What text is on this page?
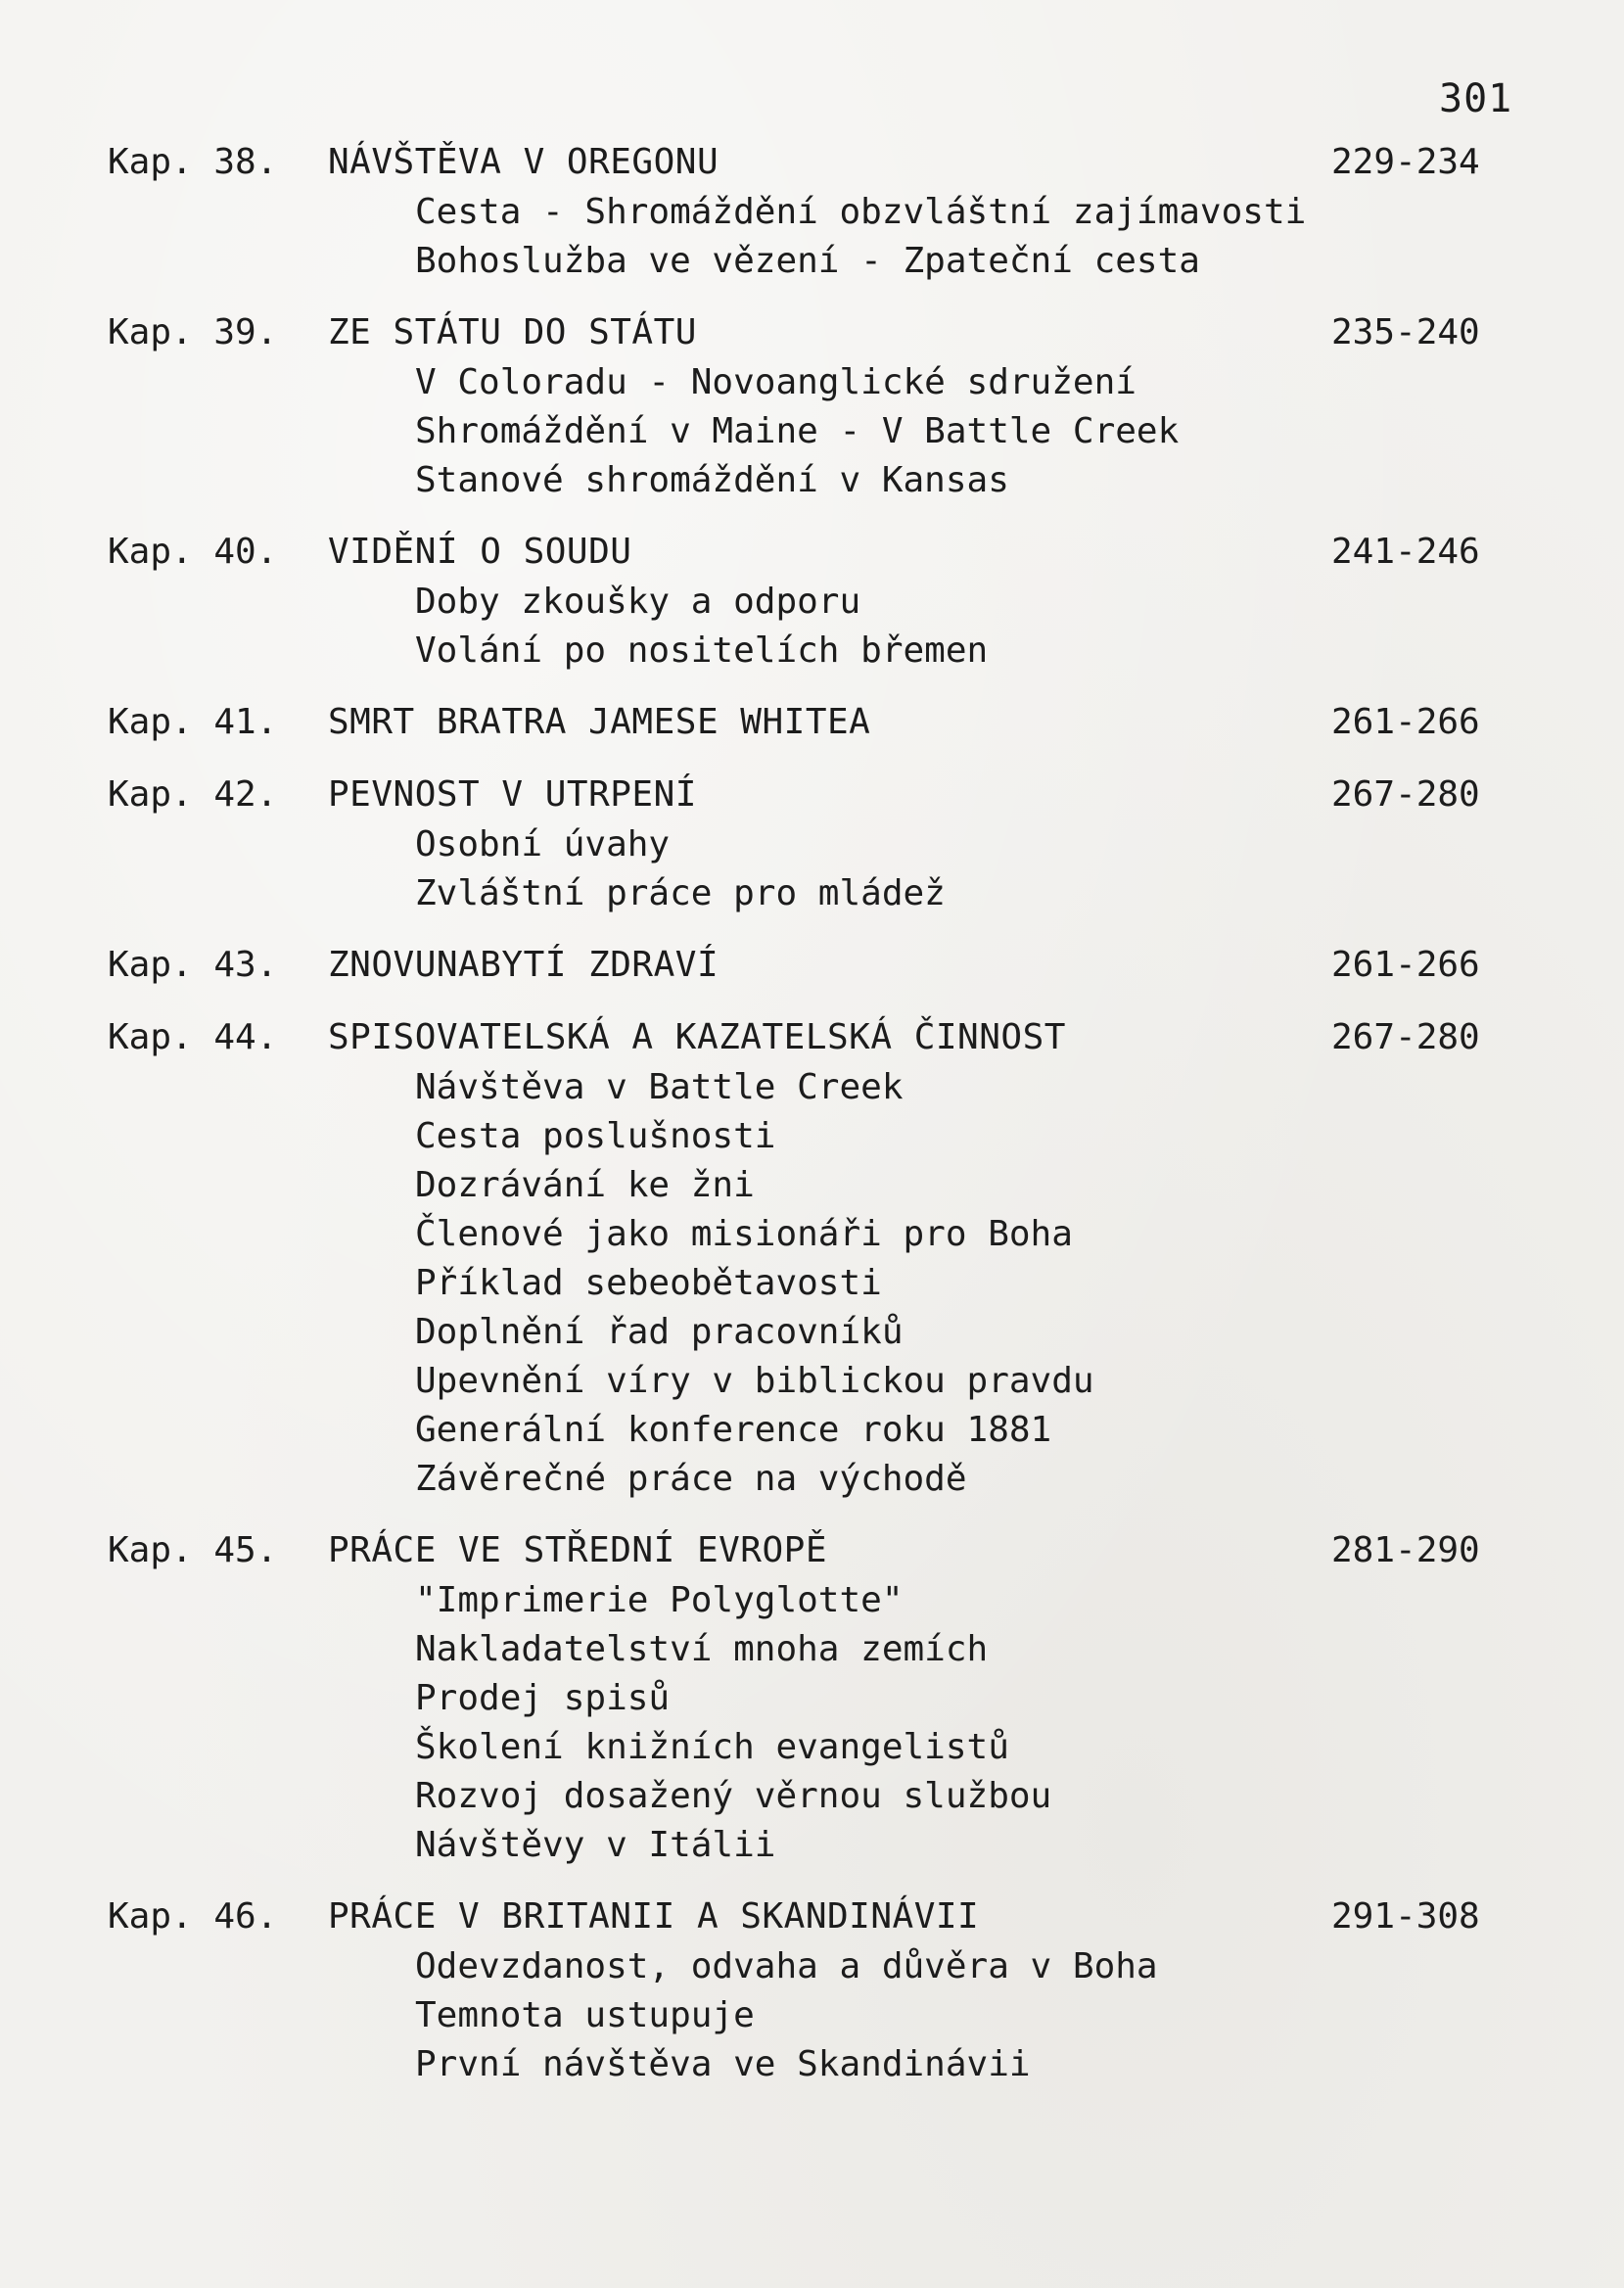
301
Kap. 38. NÁVŠTĚVA V OREGONU	229-234
Cesta - Shromáždění obzvláštní zajímavosti
Bohoslužba ve vězení - Zpateční cesta
Kap. 39. ZE STÁTU DO STÁTU	235-240
V Coloradu - Novoanglické sdružení
Shromáždění v Maine - V Battle Creek
Stanové shromáždění v Kansas
Kap. 40. VIDĚNÍ O SOUDU	241-246
Doby zkoušky a odporu
Volání po nositelích břemen
Kap. 41. SMRT BRATRA JAMESE WHITEA	261-266
Kap. 42. PEVNOST V UTRPENÍ	267-280
Osobní úvahy
Zvláštní práce pro mládež
Kap. 43. ZNOVUNABYTÍ ZDRAVÍ	261-266
Kap. 44. SPISOVATELSKÁ A KAZATELSKÁ ČINNOST	267-280
Návštěva v Battle Creek
Cesta poslušnosti
Dozrávání ke žni
Členové jako misionáři pro Boha
Příklad sebeobětavosti
Doplnění řad pracovníků
Upevnění víry v biblickou pravdu
Generální konference roku 1881
Závěrečné práce na východě
Kap. 45. PRÁCE VE STŘEDNÍ EVROPĚ	281-290
"Imprimerie Polyglotte"
Nakladatelství mnoha zemích
Prodej spisů
Školení knižních evangelistů
Rozvoj dosažený věrnou službou
Návštěvy v Itálii
Kap. 46. PRÁCE V BRITANII A SKANDINÁVII	291-308
Odevzdanost, odvaha a důvěra v Boha
Temnota ustupuje
První návštěva ve Skandinávii
